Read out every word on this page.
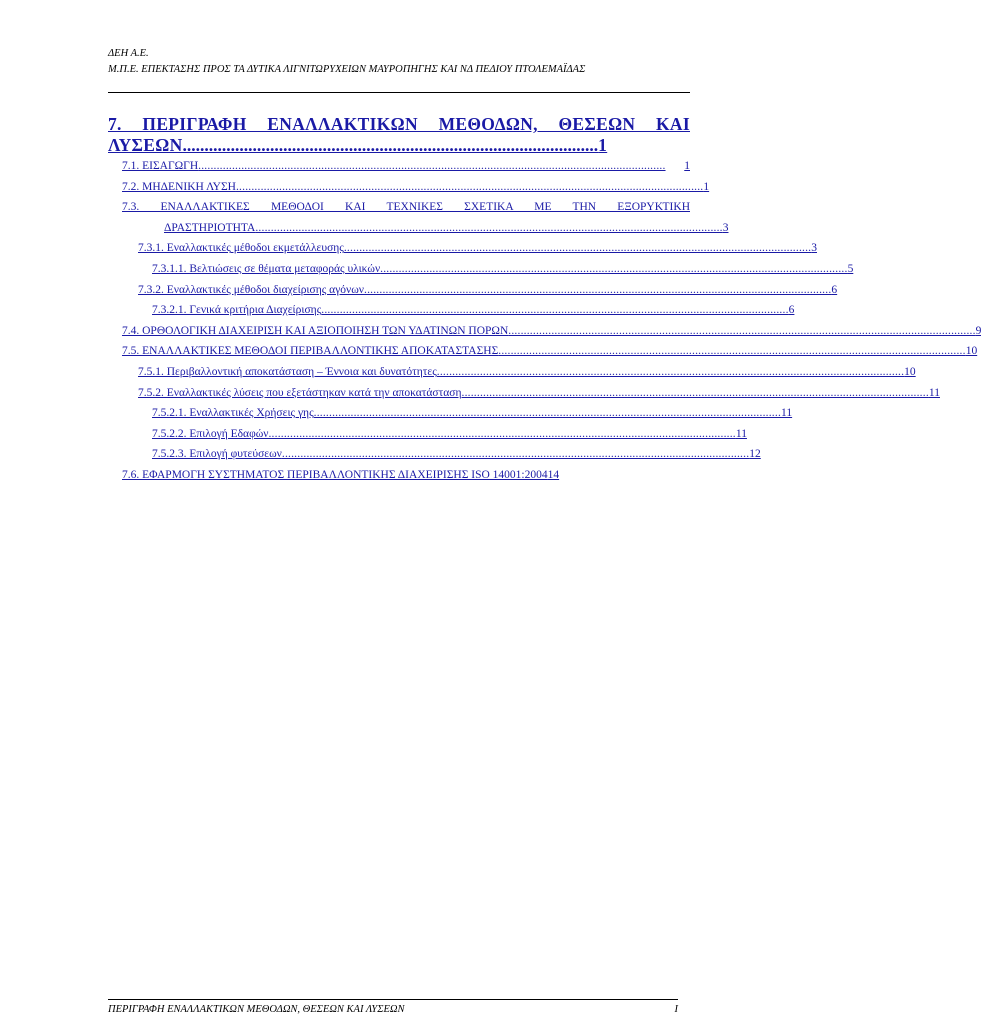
ΔΕΗ Α.Ε.
Μ.Π.Ε. ΕΠΕΚΤΑΣΗΣ ΠΡΟΣ ΤΑ ΔΥΤΙΚΑ ΛΙΓΝΙΤΩΡΥΧΕΙΩΝ ΜΑΥΡΟΠΗΓΗΣ ΚΑΙ ΝΔ ΠΕΔΙΟΥ ΠΤΟΛΕΜΑΪΔΑΣ
7. ΠΕΡΙΓΡΑΦΗ ΕΝΑΛΛΑΚΤΙΚΩΝ ΜΕΘΟΔΩΝ, ΘΕΣΕΩΝ ΚΑΙ ΛΥΣΕΩΝ...............................................................................................1
7.1. ΕΙΣΑΓΩΓΗ ........................................................................................................................................................	1
7.2. ΜΗΔΕΝΙΚΗ ΛΥΣΗ ........................................................................................................................................................ 1
7.3. ΕΝΑΛΛΑΚΤΙΚΕΣ ΜΕΘΟΔΟΙ ΚΑΙ ΤΕΧΝΙΚΕΣ ΣΧΕΤΙΚΑ ΜΕ ΤΗΝ ΕΞΟΡΥΚΤΙΚΗ
ΔΡΑΣΤΗΡΙΟΤΗΤΑ ........................................................................................................................................................ 3
7.3.1. Εναλλακτικές μέθοδοι εκμετάλλευσης ........................................................................................................................................................ 3
7.3.1.1. Βελτιώσεις σε θέματα μεταφοράς υλικών ........................................................................................................................................................ 5
7.3.2. Εναλλακτικές μέθοδοι διαχείρισης αγόνων ........................................................................................................................................................ 6
7.3.2.1. Γενικά κριτήρια Διαχείρισης ........................................................................................................................................................ 6
7.4. ΟΡΘΟΛΟΓΙΚΗ ΔΙΑΧΕΙΡΙΣΗ ΚΑΙ ΑΞΙΟΠΟΙΗΣΗ ΤΩΝ ΥΔΑΤΙΝΩΝ ΠΟΡΩΝ ........................................................................................................................................................ 9
7.5. ΕΝΑΛΛΑΚΤΙΚΕΣ ΜΕΘΟΔΟΙ ΠΕΡΙΒΑΛΛΟΝΤΙΚΗΣ ΑΠΟΚΑΤΑΣΤΑΣΗΣ ........................................................................................................................................................ 10
7.5.1. Περιβαλλοντική αποκατάσταση – Έννοια και δυνατότητες ........................................................................................................................................................ 10
7.5.2. Εναλλακτικές λύσεις που εξετάστηκαν κατά την αποκατάσταση ........................................................................................................................................................ 11
7.5.2.1. Εναλλακτικές Χρήσεις γης ........................................................................................................................................................ 11
7.5.2.2. Επιλογή Εδαφών ........................................................................................................................................................ 11
7.5.2.3. Επιλογή φυτεύσεων ........................................................................................................................................................ 12
7.6. ΕΦΑΡΜΟΓΗ ΣΥΣΤΗΜΑΤΟΣ ΠΕΡΙΒΑΛΛΟΝΤΙΚΗΣ ΔΙΑΧΕΙΡΙΣΗΣ ISO 14001:2004 14
ΠΕΡΙΓΡΑΦΗ ΕΝΑΛΛΑΚΤΙΚΩΝ ΜΕΘΟΔΩΝ, ΘΕΣΕΩΝ ΚΑΙ ΛΥΣΕΩΝ	I
